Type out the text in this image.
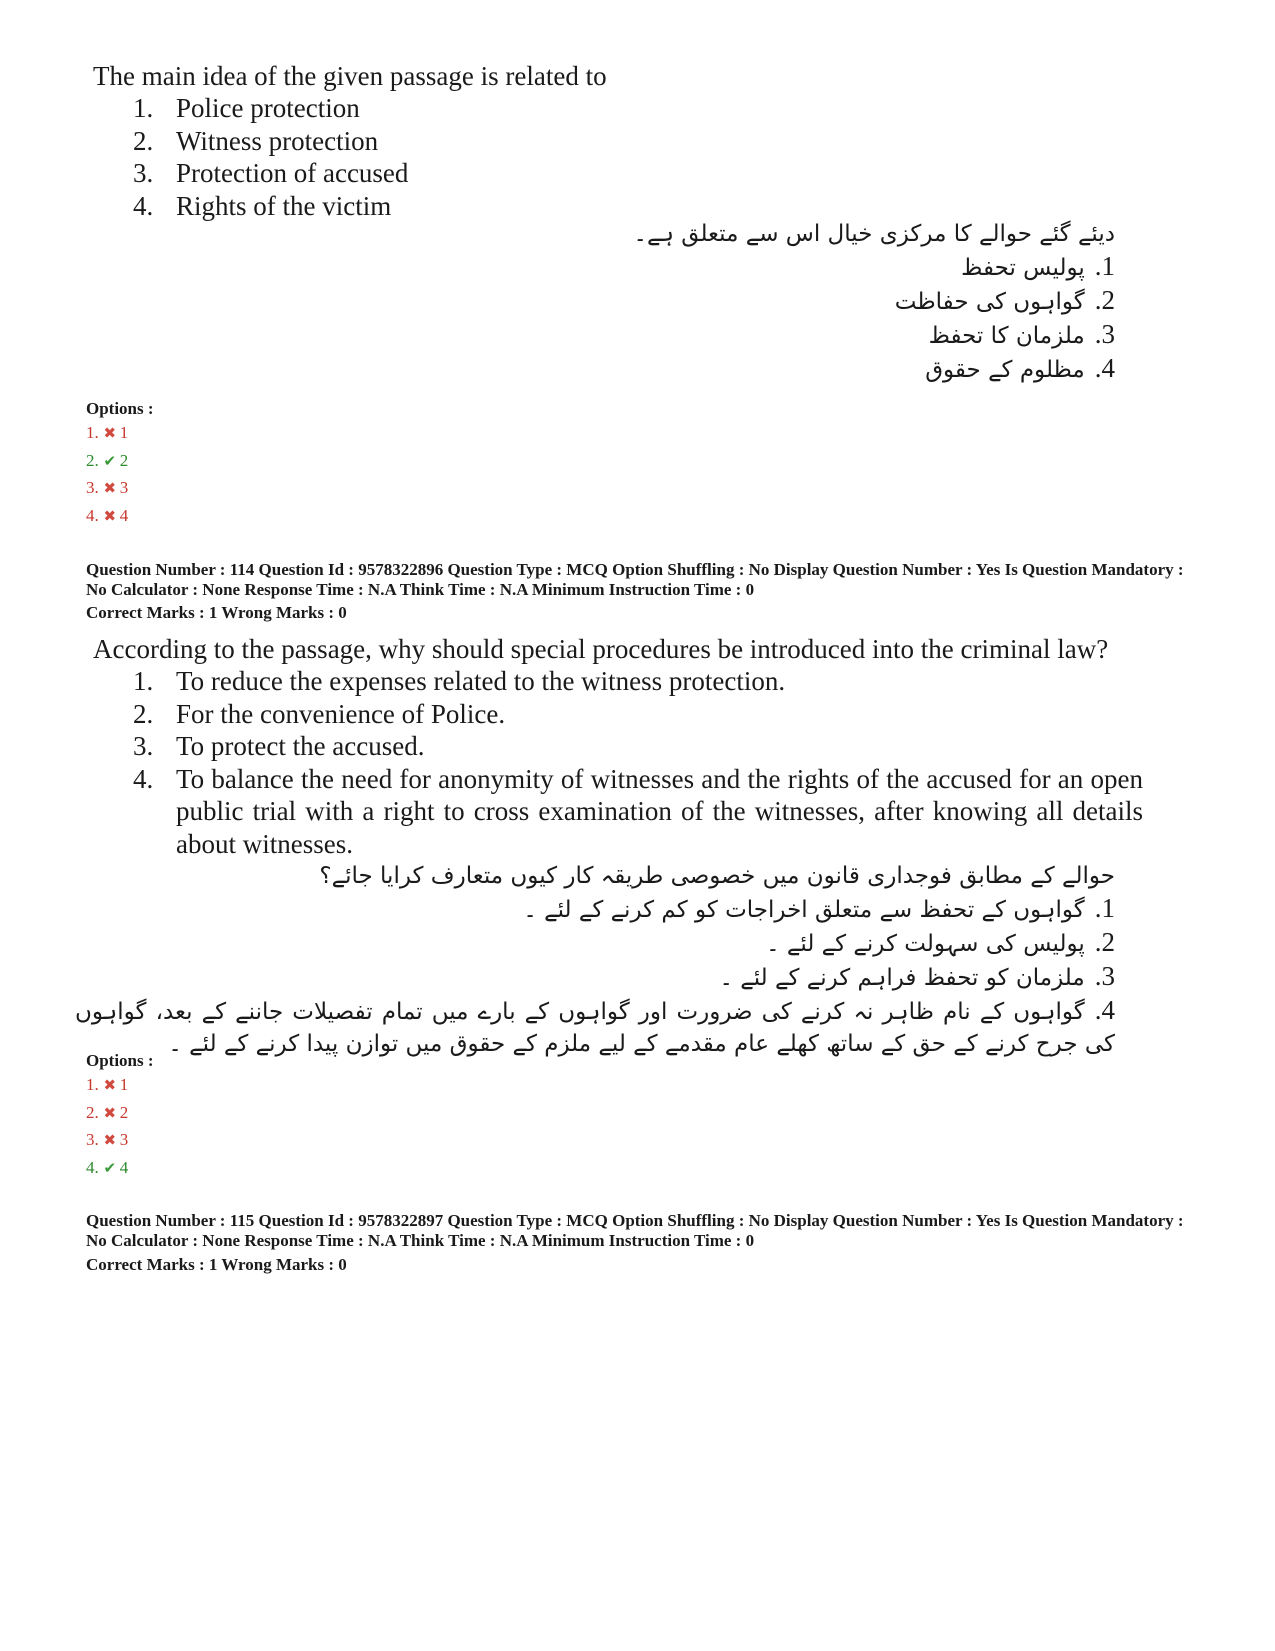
The main idea of the given passage is related to
1. Police protection
2. Witness protection
3. Protection of accused
4. Rights of the victim
دیئے گئے حوالے کا مرکزی خیال اس سے متعلق ہے۔
1.پولیس تحفظ
2.گواہوں کی حفاظت
3.ملزمان کا تحفظ
4.مظلوم کے حقوق
Options :
1. ✖ 1
2. ✔ 2
3. ✖ 3
4. ✖ 4
Question Number : 114 Question Id : 9578322896 Question Type : MCQ Option Shuffling : No Display Question Number : Yes Is Question Mandatory : No Calculator : None Response Time : N.A Think Time : N.A Minimum Instruction Time : 0
Correct Marks : 1 Wrong Marks : 0
According to the passage, why should special procedures be introduced into the criminal law?
1. To reduce the expenses related to the witness protection.
2. For the convenience of Police.
3. To protect the accused.
4. To balance the need for anonymity of witnesses and the rights of the accused for an open public trial with a right to cross examination of the witnesses, after knowing all details about witnesses.
حوالے کے مطابق فوجداری قانون میں خصوصی طریقہ کار کیوں متعارف کرایا جائے؟
1.گواہوں کے تحفظ سے متعلق اخراجات کو کم کرنے کے لئے ۔
2.پولیس کی سہولت کرنے کے لئے ۔
3.ملزمان کو تحفظ فراہم کرنے کے لئے ۔
4.گواہوں کے نام ظاہر نہ کرنے کی ضرورت اور گواہوں کے بارے میں تمام تفصیلات جاننے کے بعد، گواہوں کی جرح کرنے کے حق کے ساتھ کھلے عام مقدمے کے لیے ملزم کے حقوق میں توازن پیدا کرنے کے لئے ۔
Options :
1. ✖ 1
2. ✖ 2
3. ✖ 3
4. ✔ 4
Question Number : 115 Question Id : 9578322897 Question Type : MCQ Option Shuffling : No Display Question Number : Yes Is Question Mandatory : No Calculator : None Response Time : N.A Think Time : N.A Minimum Instruction Time : 0
Correct Marks : 1 Wrong Marks : 0
